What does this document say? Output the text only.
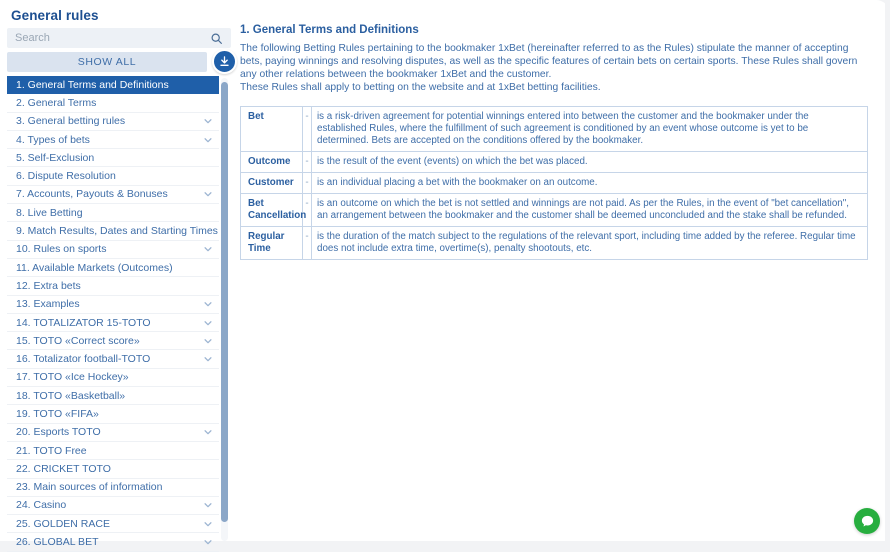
General rules
Search
SHOW ALL
1. General Terms and Definitions
2. General Terms
3. General betting rules
4. Types of bets
5. Self-Exclusion
6. Dispute Resolution
7. Accounts, Payouts & Bonuses
8. Live Betting
9. Match Results, Dates and Starting Times
10. Rules on sports
11. Available Markets (Outcomes)
12. Extra bets
13. Examples
14. TOTALIZATOR 15-TOTO
15. TOTO «Correct score»
16. Totalizator football-TOTO
17. TOTO «Ice Hockey»
18. TOTO «Basketball»
19. TOTO «FIFA»
20. Esports TOTO
21. TOTO Free
22. CRICKET TOTO
23. Main sources of information
24. Casino
25. GOLDEN RACE
26. GLOBAL BET
1. General Terms and Definitions

The following Betting Rules pertaining to the bookmaker 1xBet (hereinafter referred to as the Rules) stipulate the manner of accepting bets, paying winnings and resolving disputes, as well as the specific features of certain bets on certain sports. These Rules shall govern any other relations between the bookmaker 1xBet and the customer.

These Rules shall apply to betting on the website and at 1xBet betting facilities.

Bet	-	is a risk-driven agreement for potential winnings entered into between the customer and the bookmaker under the established Rules, where the fulfillment of such agreement is conditioned by an event whose outcome is yet to be determined. Bets are accepted on the conditions offered by the bookmaker.
Outcome	-	is the result of the event (events) on which the bet was placed.
Customer	-	is an individual placing a bet with the bookmaker on an outcome.
Bet Cancellation	-	is an outcome on which the bet is not settled and winnings are not paid. As per the Rules, in the event of "bet cancellation", an arrangement between the bookmaker and the customer shall be deemed unconcluded and the stake shall be refunded.
Regular Time	-	is the duration of the match subject to the regulations of the relevant sport, including time added by the referee. Regular time does not include extra time, overtime(s), penalty shootouts, etc.
